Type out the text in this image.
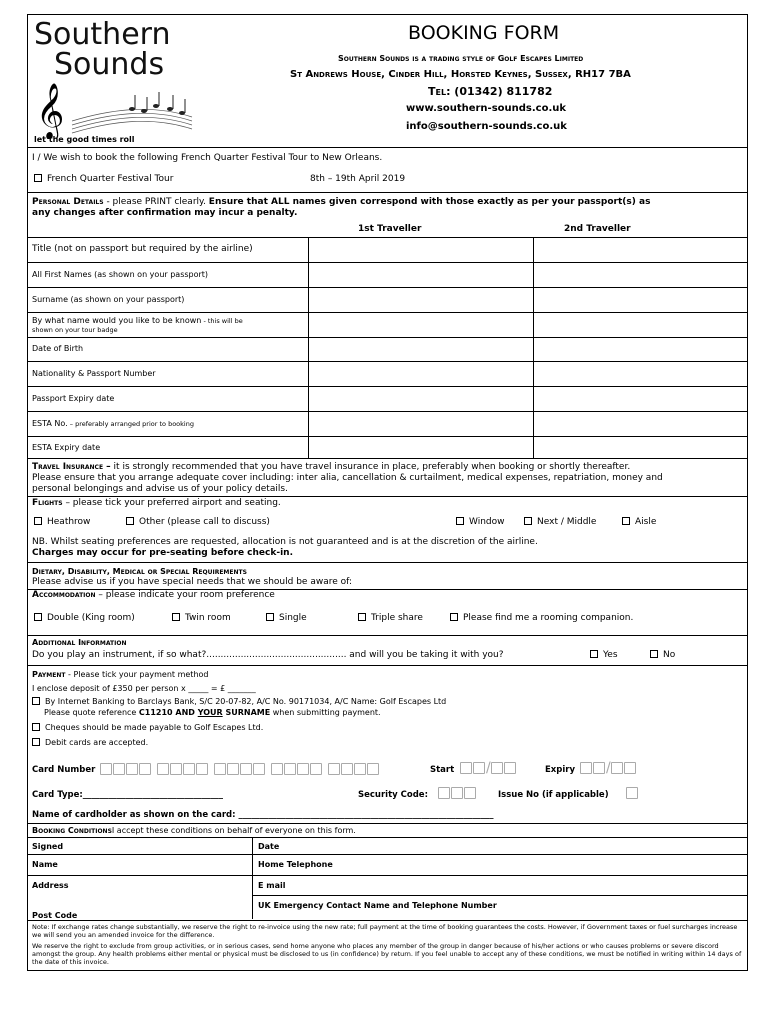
Southern
Sounds
𝄞
let the good times roll
BOOKING FORM
Southern Sounds is a trading style of Golf Escapes Limited
St Andrews House, Cinder Hill, Horsted Keynes, Sussex, RH17 7BA
Tel: (01342) 811782
www.southern-sounds.co.uk
info@southern-sounds.co.uk
I / We wish to book the following French Quarter Festival Tour to New Orleans.
French Quarter Festival Tour	8th – 19th April 2019
Personal Details - please PRINT clearly. Ensure that ALL names given correspond with those exactly as per your passport(s) as
any changes after confirmation may incur a penalty.
1st Traveller	2nd Traveller
Title (not on passport but required by the airline)
All First Names (as shown on your passport)
Surname (as shown on your passport)
By what name would you like to be known - this will be
shown on your tour badge
Date of Birth
Nationality & Passport Number
Passport Expiry date
ESTA No. – preferably arranged prior to booking
ESTA Expiry date
Travel Insurance – it is strongly recommended that you have travel insurance in place, preferably when booking or shortly thereafter.
Please ensure that you arrange adequate cover including: inter alia, cancellation & curtailment, medical expenses, repatriation, money and
personal belongings and advise us of your policy details.
Flights – please tick your preferred airport and seating.
Heathrow	Other (please call to discuss)	Window	Next / Middle	Aisle
NB. Whilst seating preferences are requested, allocation is not guaranteed and is at the discretion of the airline.
Charges may occur for pre-seating before check-in.
Dietary, Disability, Medical or Special Requirements
Please advise us if you have special needs that we should be aware of:
Accommodation – please indicate your room preference
Double (King room)	Twin room	Single	Triple share	Please find me a rooming companion.
Additional Information
Do you play an instrument, if so what?................................................. and will you be taking it with you?	Yes	No
Payment - Please tick your payment method
I enclose deposit of £350 per person x _____ = £ _______
By Internet Banking to Barclays Bank, S/C 20-07-82, A/C No. 90171034, A/C Name: Golf Escapes Ltd
Please quote reference C11210 AND YOUR SURNAME when submitting payment.
Cheques should be made payable to Golf Escapes Ltd.
Debit cards are accepted.
Card Number
	Start	/	Expiry	/
Card Type:_________________________________	Security Code:	Issue No (if applicable)
Name of cardholder as shown on the card: ____________________________________________________________
Booking ConditionsI accept these conditions on behalf of everyone on this form.
Signed	Date
Name	Home Telephone
Address	E mail
UK Emergency Contact Name and Telephone Number
Post Code
Note: If exchange rates change substantially, we reserve the right to re-invoice using the new rate; full payment at the time of booking guarantees the costs. However, if Government taxes or fuel surcharges increase we will send you an amended invoice for the difference.
We reserve the right to exclude from group activities, or in serious cases, send home anyone who places any member of the group in danger because of his/her actions or who causes problems or severe discord amongst the group. Any health problems either mental or physical must be disclosed to us (in confidence) by return. If you feel unable to accept any of these conditions, we must be notified in writing within 14 days of the date of this invoice.
